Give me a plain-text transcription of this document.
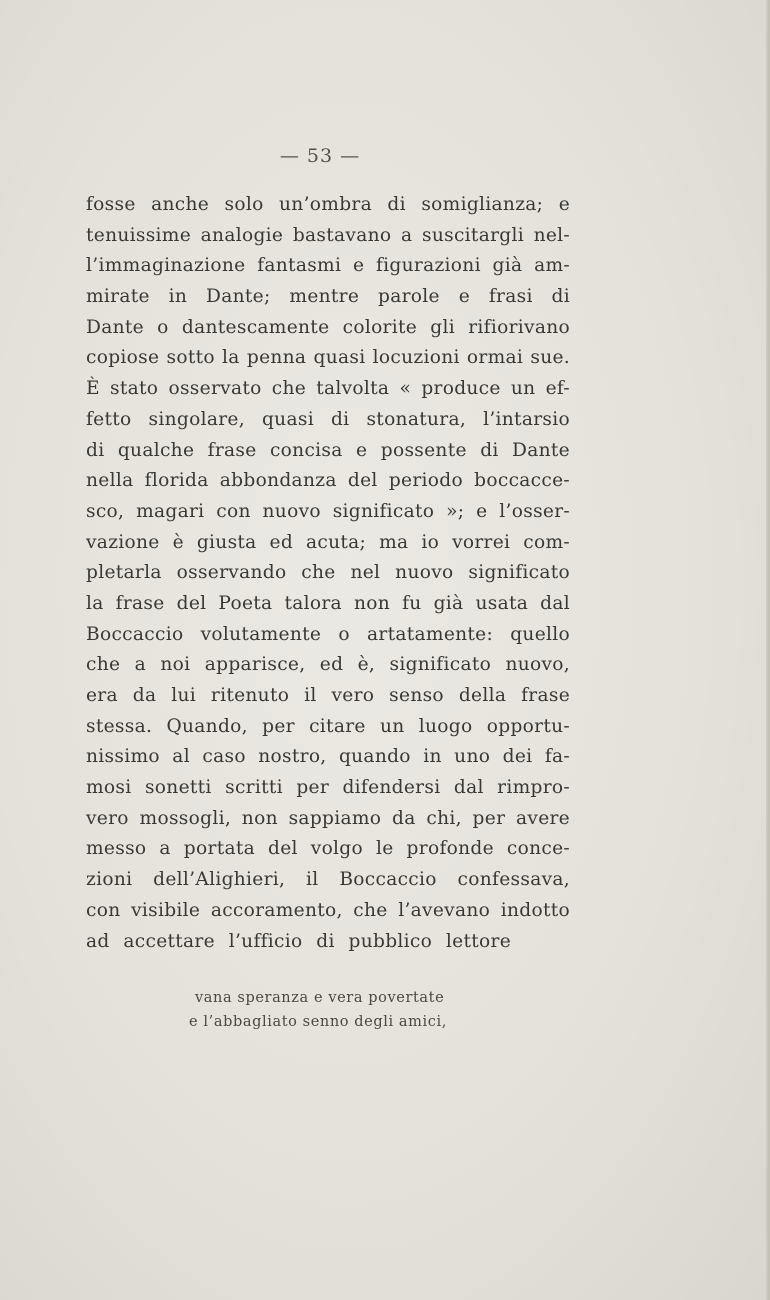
— 53 —
fosse anche solo un’ombra di somiglianza; e
tenuissime analogie bastavano a suscitargli nel-
l’immaginazione fantasmi e figurazioni già am-
mirate in Dante; mentre parole e frasi di
Dante o dantescamente colorite gli rifiorivano
copiose sotto la penna quasi locuzioni ormai sue.
È stato osservato che talvolta « produce un ef-
fetto singolare, quasi di stonatura, l’intarsio
di qualche frase concisa e possente di Dante
nella florida abbondanza del periodo boccacce-
sco, magari con nuovo significato »; e l’osser-
vazione è giusta ed acuta; ma io vorrei com-
pletarla osservando che nel nuovo significato
la frase del Poeta talora non fu già usata dal
Boccaccio volutamente o artatamente: quello
che a noi apparisce, ed è, significato nuovo,
era da lui ritenuto il vero senso della frase
stessa. Quando, per citare un luogo opportu-
nissimo al caso nostro, quando in uno dei fa-
mosi sonetti scritti per difendersi dal rimpro-
vero mossogli, non sappiamo da chi, per avere
messo a portata del volgo le profonde conce-
zioni dell’Alighieri, il Boccaccio confessava,
con visibile accoramento, che l’avevano indotto
ad accettare l’ufficio di pubblico lettore
vana speranza e vera povertate
e l’abbagliato senno degli amici,
